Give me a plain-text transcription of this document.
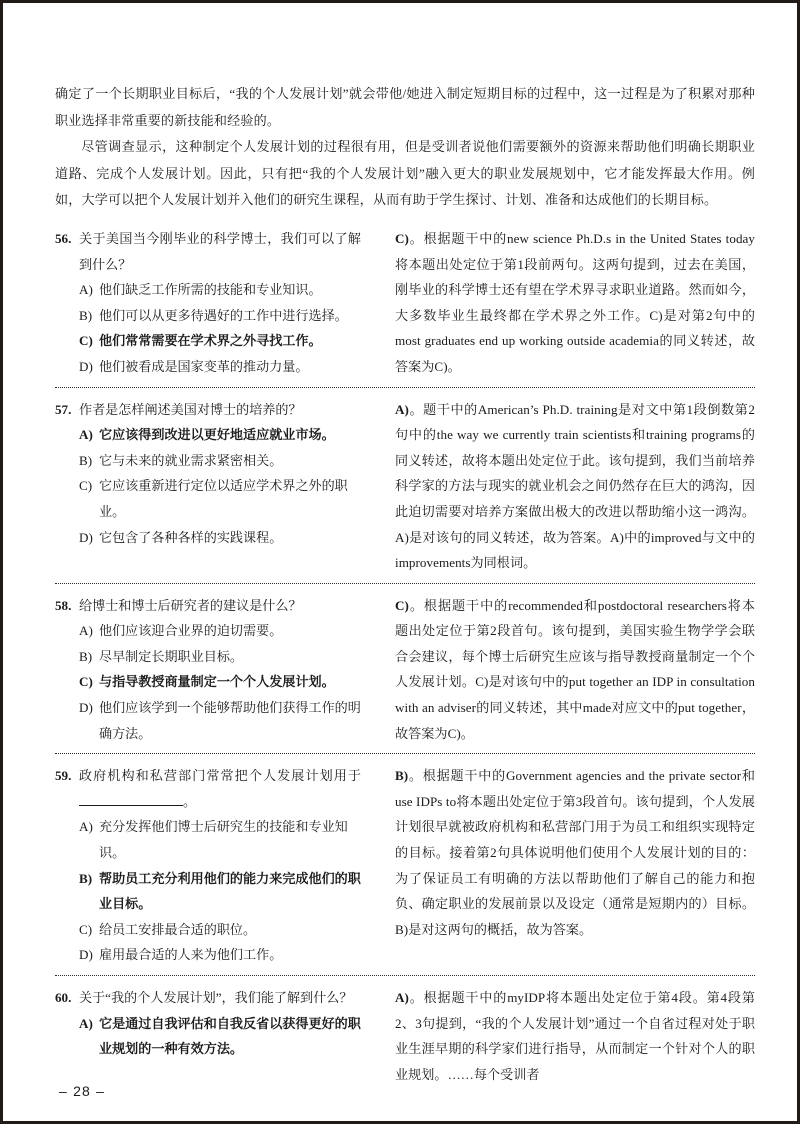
确定了一个长期职业目标后，“我的个人发展计划”就会带他/她进入制定短期目标的过程中，这一过程是为了积累对那种职业选择非常重要的新技能和经验的。

尽管调查显示，这种制定个人发展计划的过程很有用，但是受训者说他们需要额外的资源来帮助他们明确长期职业道路、完成个人发展计划。因此，只有把“我的个人发展计划”融入更大的职业发展规划中，它才能发挥最大作用。例如，大学可以把个人发展计划并入他们的研究生课程，从而有助于学生探讨、计划、准备和达成他们的长期目标。

56. 关于美国当今刚毕业的科学博士，我们可以了解到什么？
A) 他们缺乏工作所需的技能和专业知识。
B) 他们可以从更多待遇好的工作中进行选择。
C) 他们常常需要在学术界之外寻找工作。
D) 他们被看成是国家变革的推动力量。
C)。根据题干中的new science Ph.D.s in the United States today将本题出处定位于第1段前两句。这两句提到，过去在美国，刚毕业的科学博士还有望在学术界寻求职业道路。然而如今，大多数毕业生最终都在学术界之外工作。C)是对第2句中的most graduates end up working outside academia的同义转述，故答案为C)。
57. 作者是怎样阐述美国对博士的培养的？
A) 它应该得到改进以更好地适应就业市场。
B) 它与未来的就业需求紧密相关。
C) 它应该重新进行定位以适应学术界之外的职业。
D) 它包含了各种各样的实践课程。
A)。题干中的American’s Ph.D. training是对文中第1段倒数第2句中的the way we currently train scientists和training programs的同义转述，故将本题出处定位于此。该句提到，我们当前培养科学家的方法与现实的就业机会之间仍然存在巨大的鸿沟，因此迫切需要对培养方案做出极大的改进以帮助缩小这一鸿沟。A)是对该句的同义转述，故为答案。A)中的improved与文中的improvements为同根词。
58. 给博士和博士后研究者的建议是什么？
A) 他们应该迎合业界的迫切需要。
B) 尽早制定长期职业目标。
C) 与指导教授商量制定一个个人发展计划。
D) 他们应该学到一个能够帮助他们获得工作的明确方法。
C)。根据题干中的recommended和postdoctoral researchers将本题出处定位于第2段首句。该句提到，美国实验生物学学会联合会建议，每个博士后研究生应该与指导教授商量制定一个个人发展计划。C)是对该句中的put together an IDP in consultation with an adviser的同义转述，其中made对应文中的put together，故答案为C)。
59. 政府机构和私营部门常常把个人发展计划用于。
A) 充分发挥他们博士后研究生的技能和专业知识。
B) 帮助员工充分利用他们的能力来完成他们的职业目标。
C) 给员工安排最合适的职位。
D) 雇用最合适的人来为他们工作。
B)。根据题干中的Government agencies and the private sector和use IDPs to将本题出处定位于第3段首句。该句提到，个人发展计划很早就被政府机构和私营部门用于为员工和组织实现特定的目标。接着第2句具体说明他们使用个人发展计划的目的：为了保证员工有明确的方法以帮助他们了解自己的能力和抱负、确定职业的发展前景以及设定（通常是短期内的）目标。B)是对这两句的概括，故为答案。
60. 关于“我的个人发展计划”，我们能了解到什么？
A) 它是通过自我评估和自我反省以获得更好的职业规划的一种有效方法。
A)。根据题干中的myIDP将本题出处定位于第4段。第4段第2、3句提到，“我的个人发展计划”通过一个自省过程对处于职业生涯早期的科学家们进行指导，从而制定一个针对个人的职业规划。……每个受训者
– 28 –
